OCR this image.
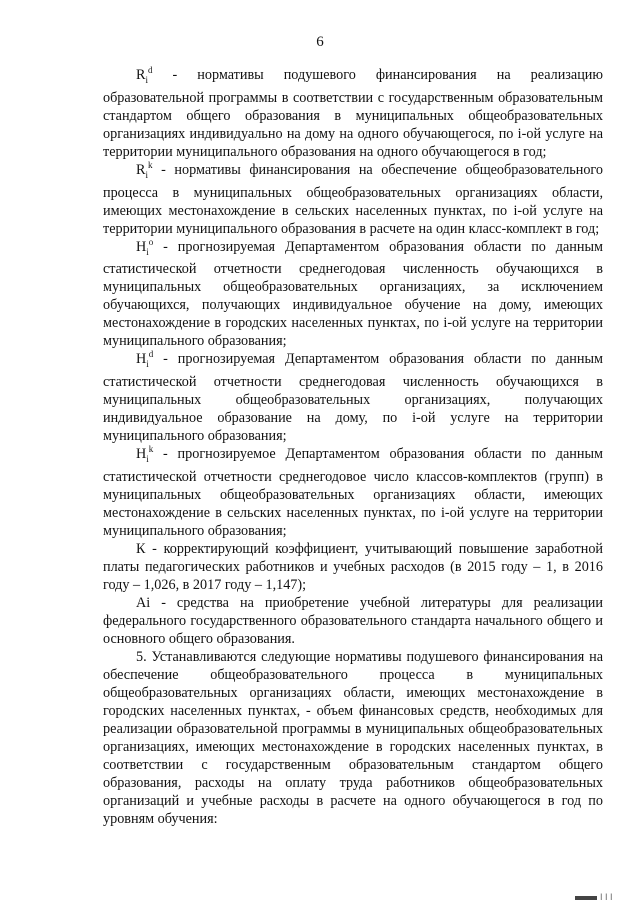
6

$R_i^d$ - нормативы подушевого финансирования на реализацию образовательной программы в соответствии с государственным образовательным стандартом общего образования в муниципальных общеобразовательных организациях индивидуально на дому на одного обучающегося, по i-ой услуге на территории муниципального образования на одного обучающегося в год;

$R_i^k$ - нормативы финансирования на обеспечение общеобразовательного процесса в муниципальных общеобразовательных организациях области, имеющих местонахождение в сельских населенных пунктах, по i-ой услуге на территории муниципального образования в расчете на один класс-комплект в год;

$H_i^o$ - прогнозируемая Департаментом образования области по данным статистической отчетности среднегодовая численность обучающихся в муниципальных общеобразовательных организациях, за исключением обучающихся, получающих индивидуальное обучение на дому, имеющих местонахождение в городских населенных пунктах, по i-ой услуге на территории муниципального образования;

$H_i^d$ - прогнозируемая Департаментом образования области по данным статистической отчетности среднегодовая численность обучающихся в муниципальных общеобразовательных организациях, получающих индивидуальное образование на дому, по i-ой услуге на территории муниципального образования;

$H_i^k$ - прогнозируемое Департаментом образования области по данным статистической отчетности среднегодовое число классов-комплектов (групп) в муниципальных общеобразовательных организациях области, имеющих местонахождение в сельских населенных пунктах, по i-ой услуге на территории муниципального образования;

К - корректирующий коэффициент, учитывающий повышение заработной платы педагогических работников и учебных расходов (в 2015 году – 1, в 2016 году – 1,026, в 2017 году – 1,147);

Аi - средства на приобретение учебной литературы для реализации федерального государственного образовательного стандарта начального общего и основного общего образования.

5. Устанавливаются следующие нормативы подушевого финансирования на обеспечение общеобразовательного процесса в муниципальных общеобразовательных организациях области, имеющих местонахождение в городских населенных пунктах, - объем финансовых средств, необходимых для реализации образовательной программы в муниципальных общеобразовательных организациях, имеющих местонахождение в городских населенных пунктах, в соответствии с государственным образовательным стандартом общего образования, расходы на оплату труда работников общеобразовательных организаций и учебные расходы в расчете на одного обучающегося в год по уровням обучения:

І І І
